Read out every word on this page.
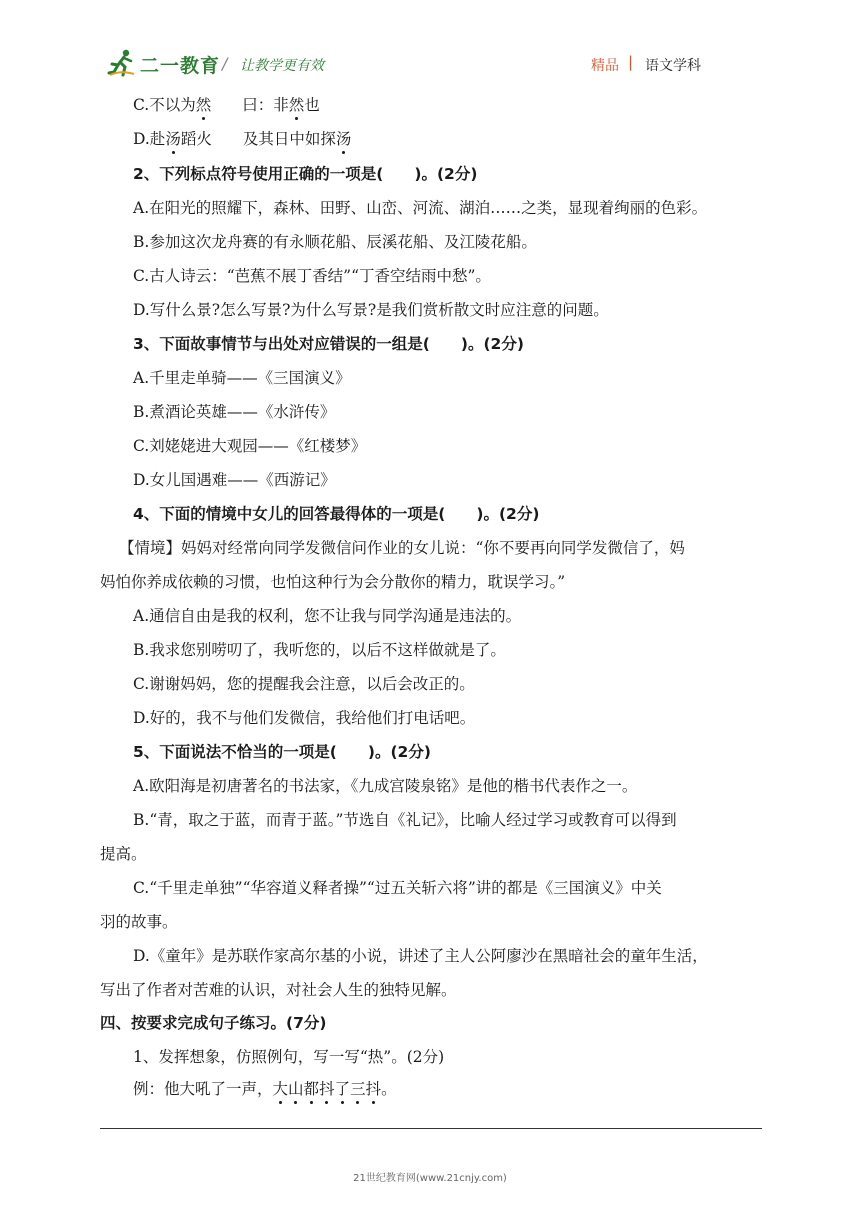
二一教育 / 让教学更有效	精品 | 语文学科
C.不以为然　　曰：非然也
D.赴汤蹈火　　及其日中如探汤
2、下列标点符号使用正确的一项是(　　)。(2分)
A.在阳光的照耀下，森林、田野、山峦、河流、湖泊……之类，显现着绚丽的色彩。
B.参加这次龙舟赛的有永顺花船、辰溪花船、及江陵花船。
C.古人诗云：“芭蕉不展丁香结”“丁香空结雨中愁”。
D.写什么景?怎么写景?为什么写景?是我们赏析散文时应注意的问题。
3、下面故事情节与出处对应错误的一组是(　　)。(2分)
A.千里走单骑——《三国演义》
B.煮酒论英雄——《水浒传》
C.刘姥姥进大观园——《红楼梦》
D.女儿国遇难——《西游记》
4、下面的情境中女儿的回答最得体的一项是(　　)。(2分)
【情境】妈妈对经常向同学发微信问作业的女儿说：“你不要再向同学发微信了，妈
妈怕你养成依赖的习惯，也怕这种行为会分散你的精力，耽误学习。”
A.通信自由是我的权利，您不让我与同学沟通是违法的。
B.我求您别唠叨了，我听您的，以后不这样做就是了。
C.谢谢妈妈，您的提醒我会注意，以后会改正的。
D.好的，我不与他们发微信，我给他们打电话吧。
5、下面说法不恰当的一项是(　　)。(2分)
A.欧阳海是初唐著名的书法家，《九成宫陵泉铭》是他的楷书代表作之一。
B.“青，取之于蓝，而青于蓝。”节选自《礼记》，比喻人经过学习或教育可以得到
提高。
C.“千里走单独”“华容道义释者操”“过五关斩六将”讲的都是《三国演义》中关
羽的故事。
D.《童年》是苏联作家高尔基的小说，讲述了主人公阿廖沙在黑暗社会的童年生活，
写出了作者对苦难的认识，对社会人生的独特见解。
四、按要求完成句子练习。(7分)
1、发挥想象，仿照例句，写一写“热”。(2分)
例：他大吼了一声，大山都抖了三抖。
21世纪教育网(www.21cnjy.com)
